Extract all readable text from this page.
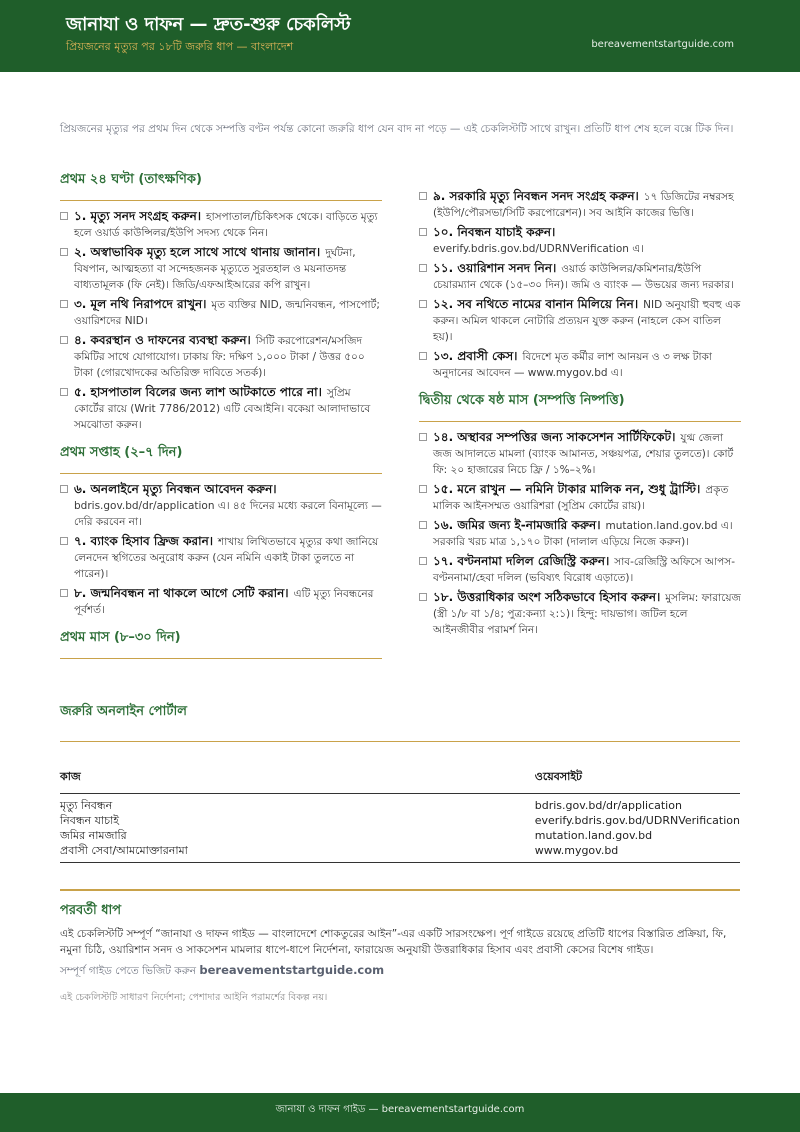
জানাযা ও দাফন — দ্রুত-শুরু চেকলিস্ট
প্রিয়জনের মৃত্যুর পর ১৮টি জরুরি ধাপ — বাংলাদেশ	bereavementstartguide.com
প্রিয়জনের মৃত্যুর পর প্রথম দিন থেকে সম্পত্তি বণ্টন পর্যন্ত কোনো জরুরি ধাপ যেন বাদ না পড়ে — এই চেকলিস্টটি সাথে রাখুন। প্রতিটি ধাপ শেষ হলে বক্সে টিক দিন।
প্রথম ২৪ ঘণ্টা (তাৎক্ষণিক)
১. মৃত্যু সনদ সংগ্রহ করুন। হাসপাতাল/চিকিৎসক থেকে। বাড়িতে মৃত্যু হলে ওয়ার্ড কাউন্সিলর/ইউপি সদস্য থেকে নিন।
২. অস্বাভাবিক মৃত্যু হলে সাথে সাথে থানায় জানান। দুর্ঘটনা, বিষপান, আত্মহত্যা বা সন্দেহজনক মৃত্যুতে সুরতহাল ও ময়নাতদন্ত বাধ্যতামূলক (ফি নেই)। জিডি/এফআইআরের কপি রাখুন।
৩. মূল নথি নিরাপদে রাখুন। মৃত ব্যক্তির NID, জন্মনিবন্ধন, পাসপোর্ট; ওয়ারিশদের NID।
৪. কবরস্থান ও দাফনের ব্যবস্থা করুন। সিটি করপোরেশন/মসজিদ কমিটির সাথে যোগাযোগ। ঢাকায় ফি: দক্ষিণ ১,০০০ টাকা / উত্তর ৫০০ টাকা (গোরখোদকের অতিরিক্ত দাবিতে সতর্ক)।
৫. হাসপাতাল বিলের জন্য লাশ আটকাতে পারে না। সুপ্রিম কোর্টের রায়ে (Writ 7786/2012) এটি বেআইনি। বকেয়া আলাদাভাবে সমঝোতা করুন।
প্রথম সপ্তাহ (২–৭ দিন)
৬. অনলাইনে মৃত্যু নিবন্ধন আবেদন করুন।bdris.gov.bd/dr/application এ। ৪৫ দিনের মধ্যে করলে বিনামূল্যে — দেরি করবেন না।
৭. ব্যাংক হিসাব ফ্রিজ করান। শাখায় লিখিতভাবে মৃত্যুর কথা জানিয়ে লেনদেন স্থগিতের অনুরোধ করুন (যেন নমিনি একাই টাকা তুলতে না পারেন)।
৮. জন্মনিবন্ধন না থাকলে আগে সেটি করান। এটি মৃত্যু নিবন্ধনের পূর্বশর্ত।
প্রথম মাস (৮–৩০ দিন)
৯. সরকারি মৃত্যু নিবন্ধন সনদ সংগ্রহ করুন। ১৭ ডিজিটের নম্বরসহ (ইউপি/পৌরসভা/সিটি করপোরেশন)। সব আইনি কাজের ভিত্তি।
১০. নিবন্ধন যাচাই করুন।everify.bdris.gov.bd/UDRNVerification এ।
১১. ওয়ারিশান সনদ নিন। ওয়ার্ড কাউন্সিলর/কমিশনার/ইউপি চেয়ারম্যান থেকে (১৫–৩০ দিন)। জমি ও ব্যাংক — উভয়ের জন্য দরকার।
১২. সব নথিতে নামের বানান মিলিয়ে নিন। NID অনুযায়ী হুবহু এক করুন। অমিল থাকলে নোটারি প্রত্যয়ন যুক্ত করুন (নাহলে কেস বাতিল হয়)।
১৩. প্রবাসী কেস। বিদেশে মৃত কর্মীর লাশ আনয়ন ও ৩ লক্ষ টাকা অনুদানের আবেদন — www.mygov.bd এ।
দ্বিতীয় থেকে ষষ্ঠ মাস (সম্পত্তি নিষ্পত্তি)
১৪. অস্থাবর সম্পত্তির জন্য সাকসেশন সার্টিফিকেট। যুগ্ম জেলা জজ আদালতে মামলা (ব্যাংক আমানত, সঞ্চয়পত্র, শেয়ার তুলতে)। কোর্ট ফি: ২০ হাজারের নিচে ফ্রি / ১%–২%।
১৫. মনে রাখুন — নমিনি টাকার মালিক নন, শুধু ট্রাস্টি। প্রকৃত মালিক আইনসম্মত ওয়ারিশরা (সুপ্রিম কোর্টের রায়)।
১৬. জমির জন্য ই-নামজারি করুন। mutation.land.gov.bd এ। সরকারি খরচ মাত্র ১,১৭০ টাকা (দালাল এড়িয়ে নিজে করুন)।
১৭. বণ্টননামা দলিল রেজিস্ট্রি করুন। সাব-রেজিস্ট্রি অফিসে আপস-বণ্টননামা/হেবা দলিল (ভবিষ্যৎ বিরোধ এড়াতে)।
১৮. উত্তরাধিকার অংশ সঠিকভাবে হিসাব করুন। মুসলিম: ফারায়েজ (স্ত্রী ১/৮ বা ১/৪; পুত্র:কন্যা ২:১)। হিন্দু: দায়ভাগ। জটিল হলে আইনজীবীর পরামর্শ নিন।
জরুরি অনলাইন পোর্টাল
কাজ	ওয়েবসাইট
মৃত্যু নিবন্ধন	bdris.gov.bd/dr/application
নিবন্ধন যাচাই	everify.bdris.gov.bd/UDRNVerification
জমির নামজারি	mutation.land.gov.bd
প্রবাসী সেবা/আমমোক্তারনামা	www.mygov.bd
পরবর্তী ধাপ
এই চেকলিস্টটি সম্পূর্ণ “জানাযা ও দাফন গাইড — বাংলাদেশে শোকতুরের আইন”-এর একটি সারসংক্ষেপ। পূর্ণ গাইডে রয়েছে প্রতিটি ধাপের বিস্তারিত প্রক্রিয়া, ফি, নমুনা চিঠি, ওয়ারিশান সনদ ও সাকসেশন মামলার ধাপে-ধাপে নির্দেশনা, ফারায়েজ অনুযায়ী উত্তরাধিকার হিসাব এবং প্রবাসী কেসের বিশেষ গাইড।
সম্পূর্ণ গাইড পেতে ভিজিট করুন bereavementstartguide.com
এই চেকলিস্টটি সাধারণ নির্দেশনা; পেশাদার আইনি পরামর্শের বিকল্প নয়।
জানাযা ও দাফন গাইড — bereavementstartguide.com
